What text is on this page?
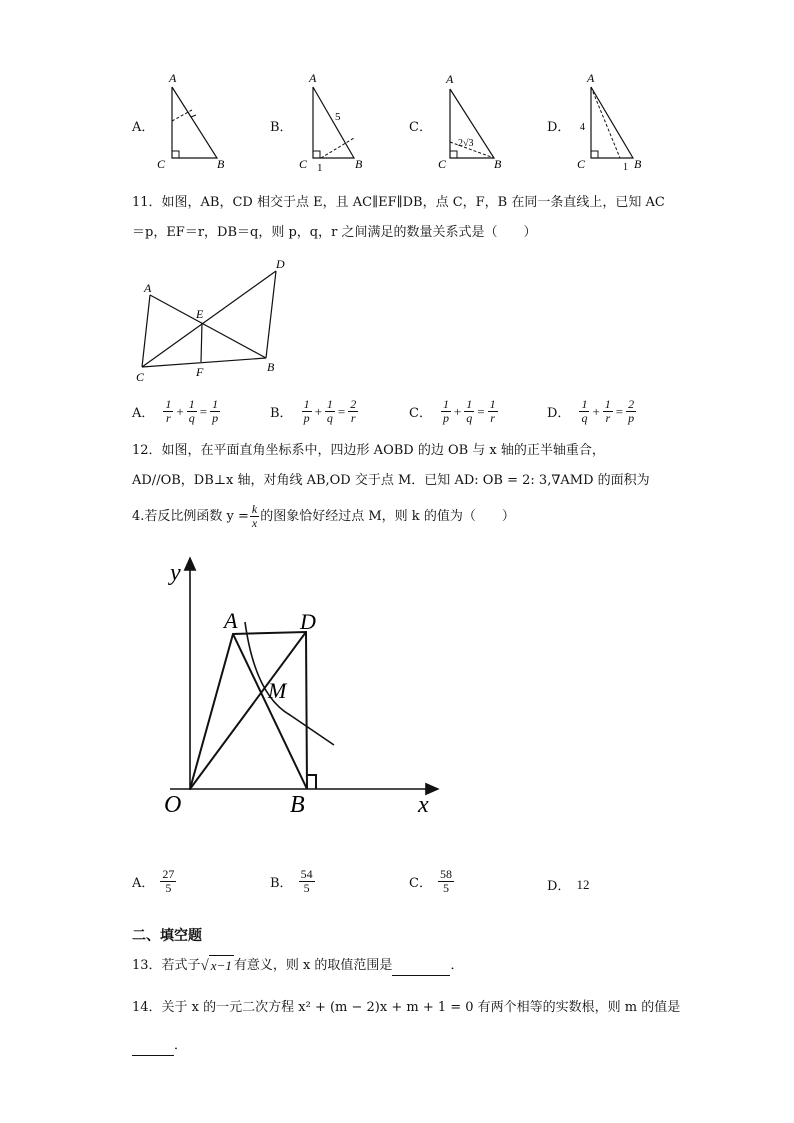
A．
A
C	B
B．
A
C	B
5
1
C．
A
C	B
2√3
D．
A
C	B
4
1
11．如图，AB，CD 相交于点 E，且 AC∥EF∥DB，点 C，F，B 在同一条直线上，已知 AC
＝p，EF＝r，DB＝q，则 p，q，r 之间满足的数量关系式是（　　）
A
D
E
C	F	B
A． $\frac{1}{r} + \frac{1}{q} = \frac{1}{p}$	B． $\frac{1}{p} + \frac{1}{q} = \frac{2}{r}$	C． $\frac{1}{p} + \frac{1}{q} = \frac{1}{r}$	D． $\frac{1}{q} + \frac{1}{r} = \frac{2}{p}$
12．如图，在平面直角坐标系中，四边形 AOBD 的边 OB 与 x 轴的正半轴重合，
AD//OB，DB⊥x 轴，对角线 AB,OD 交于点 M．已知 AD: OB = 2: 3,∇AMD 的面积为
4.若反比例函数 $y = \frac{k}{x}$ 的图象恰好经过点 M，则 k 的值为（　　）
y
x
O	B
A	D
M
A． $\frac{27}{5}$	B． $\frac{54}{5}$	C． $\frac{58}{5}$	D． 12
二、填空题
13．若式子 √ x−1 有意义，则 x 的取值范围是	．
14．关于 x 的一元二次方程 x² + (m − 2)x + m + 1 = 0 有两个相等的实数根，则 m 的值是
．
